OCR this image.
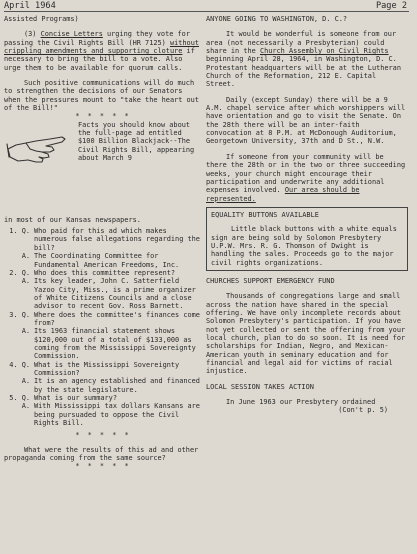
April 1964	Page 2

Assisted Programs)

(3) Concise Letters urging they vote for passing the Civil Rights Bill (HR 7125) without crippling amendments and supporting cloture if necessary to bring the bill to a vote. Also urge them to be available for quorum calls.

Such positive communications will do much to strengthen the decisions of our Senators when the pressures mount to "take the heart out of the Bill!"

* * * * *

Facts you should know about the full-page ad entitled $100 Billion Blackjack--The Civil Rights Bill, appearing about March 9

in most of our Kansas newspapers.

1. Q. Who paid for this ad which makes numerous false allegations regarding the bill?
A. The Coordinating Committee for Fundamental American Freedoms, Inc.
2. Q. Who does this committee represent?
A. Its key leader, John C. Satterfield Yazoo City, Miss., is a prime organizer of White Citizens Councils and a close advisor to recent Gov. Ross Barnett.
3. Q. Where does the committee's finances come from?
A. Its 1963 financial statement shows $120,000 out of a total of $133,000 as coming from the Mississippi Sovereignty Commission.
4. Q. What is the Mississippi Sovereignty Commission?
A. It is an agency established and financed by the state legislature.
5. Q. What is our summary?
A. With Mississippi tax dollars Kansans are being pursuaded to oppose the Civil Rights Bill.

* * * * *

What were the results of this ad and other propaganda coming from the same source?

* * * * *

ANYONE GOING TO WASHINGTON, D. C.?

It would be wonderful is someone from our area (not necessarily a Presbyterian) could share in the Church Assembly on Civil Rights beginning April 28, 1964, in Washington, D. C. Protestant headquarters will be at the Lutheran Church of the Reformation, 212 E. Capital Street.

Daily (except Sunday) there will be a 9 A.M. chapel service after which worshippers will have orientation and go to visit the Senate. On the 28th there will be an inter-faith convocation at 8 P.M. at McDonough Auditorium, Georgetown University, 37th and D St., N.W.

If someone from your community will be there the 28th or in the two or three succeeding weeks, your church might encourage their participation and underwrite any additional expenses involved. Our area should be represented.

EQUALITY BUTTONS AVAILABLE

Little black buttons with a white equals sign are being sold by Solomon Presbytery U.P.W. Mrs. R. G. Thomson of Dwight is handling the sales. Proceeds go to the major civil rights organizations.

CHURCHES SUPPORT EMERGENCY FUND

Thousands of congregations large and small across the nation have shared in the special offering. We have only incomplete records about Solomon Presbytery's participation. If you have not yet collected or sent the offering from your local church, plan to do so soon. It is need for scholarships for Indian, Negro, and Mexican-American youth in seminary education and for financial and legal aid for victims of racial injustice.

LOCAL SESSION TAKES ACTION

In June 1963 our Presbytery ordained

(Con't p. 5)
